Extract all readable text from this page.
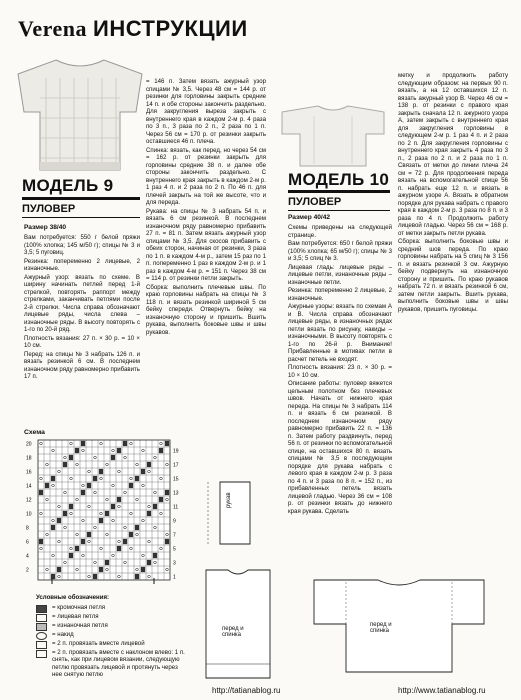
Verena ИНСТРУКЦИИ
МОДЕЛЬ 9
ПУЛОВЕР
Размер 38/40

Вам потребуется: 550 г белой пряжи (100% хлопка; 145 м/50 г); спицы № 3 и 3,5; 5 пуговиц.

Резинка: попеременно 2 лицевые, 2 изнаночные.

Ажурный узор: вязать по схеме. В ширину начинать петлей перед 1-й стрелкой, повторять раппорт между стрелками, заканчивать петлями после 2-й стрелки. Числа справа обозначают лицевые ряды, числа слева – изнаночные ряды. В высоту повторять с 1-го по 20-й ряд.

Плотность вязания: 27 п. × 30 р. = 10 × 10 см.

Перед: на спицы № 3 набрать 126 п. и вязать резинкой 6 см. В последнем изнаночном ряду равномерно прибавить 17 п.

= 146 п. Затем вязать ажурный узор спицами № 3,5. Через 48 см = 144 р. от резинки для горловины закрыть средние 14 п. и обе стороны закончить раздельно. Для закругления выреза закрыть с внутреннего края в каждом 2-м р. 4 раза по 3 п., 3 раза по 2 п., 2 раза по 1 п. Через 56 см = 170 р. от резинки закрыть оставшиеся 46 п. плеча.

Спинка: вязать, как перед, но через 54 см = 162 р. от резинки закрыть для горловины средние 38 п. и далее обе стороны закончить раздельно. С внутреннего края закрыть в каждом 2-м р. 1 раз 4 п. и 2 раза по 2 п. По 46 п. для плечей закрыть на той же высоте, что и для переда.

Рукава: на спицы № 3 набрать 54 п. и вязать 6 см резинкой. В последнем изнаночном ряду равномерно прибавить 27 п. = 81 п. Затем вязать ажурный узор спицами № 3,5. Для скосов прибавить с обеих сторон, начиная от резинки, 3 раза по 1 п. в каждом 4-м р., затем 15 раз по 1 п. попеременно 1 раз в каждом 2-м р. и 1 раз в каждом 4-м р. = 151 п. Через 38 см = 114 р. от резинки петли закрыть.

Сборка: выполнить плечевые швы. По краю горловины набрать на спицы № 3 118 п. и вязать резинкой шириной 5 см бейку спереди. Отвернуть бейку на изнаночную сторону и пришить. Вшить рукава, выполнить боковые швы и швы рукавов.

МОДЕЛЬ 10
ПУЛОВЕР
Размер 40/42

Схемы приведены на следующей странице.

Вам потребуется: 650 г белой пряжи (100% хлопка; 65 м/50 г); спицы № 3 и 3,5; 5 спиц № 3.

Лицевая гладь: лицевые ряды – лицевые петли, изнаночные ряды – изнаночные петли.

Резинка: попеременно 2 лицевые, 2 изнаночные.

Ажурные узоры: вязать по схемам А и В. Числа справа обозначают лицевые ряды, в изнаночных рядах петли вязать по рисунку, накиды – изнаночными. В высоту повторять с 1-го по 26-й р. Внимание! Прибавленные в мотивах петли в расчет петель не входят.

Плотность вязания: 23 п. × 30 р. = 10 × 10 см.

Описание работы: пуловер вяжется цельным полотном без плечевых швов. Начать от нижнего края переда. На спицы № 3 набрать 114 п. и вязать 6 см резинкой. В последнем изнаночном ряду равномерно прибавить 22 п. = 136 п. Затем работу раздвинуть, перед 56 п. от резинки по вспомогательной спице, на оставшихся 80 п. вязать спицами № 3,5 в последующем порядке для рукава набрать с левого края в каждом 2-м р. 3 раза по 4 п. и 3 раза по 8 п. = 152 п., из прибавленных петель вязать лицевой гладью. Через 36 см = 108 р. от резинки вязать до нижнего края рукава. Сделать

метку и продолжить работу следующим образом: на первых 90 п. вязать, а на 12 оставшихся 12 п. вязать ажурный узор В. Через 46 см = 138 р. от резинки с правого края закрыть сначала 12 п. ажурного узора А, затем закрыть с внутреннего края для закругления горловины в следующем 2-м р. 1 раз 4 п. и 2 раза по 2 п. Для закругления горловины с внутреннего края закрыть 4 раза по 3 п., 2 раза по 2 п. и 2 раза по 1 п. Связать от метки до линии плеча 24 см = 72 р. Для продолжения переда вязать на вспомогательной спице 56 п. набрать еще 12 п. и вязать в ажурном узоре А. Вязать в обратном порядке для рукава набрать с правого края в каждом 2-м р. 3 раза по 8 п. и 3 раза по 4 п. Продолжить работу лицевой гладью. Через 56 см = 168 р. от метки закрыть петли рукава.

Сборка: выполнить боковые швы и средний шов переда. По краю горловины набрать на 5 спиц № 3 156 п. и вязать резинкой 3 см. Ажурную бейку подвернуть на изнаночную сторону и пришить. По краю рукавов набрать 72 п. и вязать резинкой 6 см, затем петли закрыть. Вшить рукава, выполнить боковые швы и швы рукавов, пришить пуговицы.

Схема
20
18
16
14
12
10
8
6
4
2
19
17
15
13
11
9
7
5
3
1
Условные обозначения:
= кромочная петля
= лицевая петля
= изнаночная петля
= накид
= 2 п. провязать вместе лицевой
= 2 п. провязать вместе с наклоном влево: 1 п. снять, как при лицевом вязании, следующую петлю провязать лицевой и протянуть через нее снятую петлю
рукав
перед и спинка
перед и спинка
http://tatianablog.ru	http://www.tatianablog.ru
